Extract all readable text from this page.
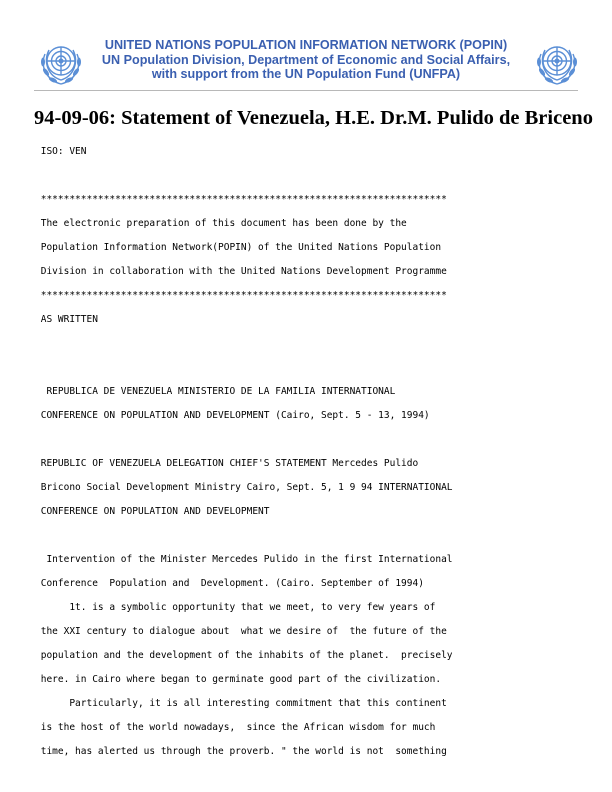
UNITED NATIONS POPULATION INFORMATION NETWORK (POPIN)
UN Population Division, Department of Economic and Social Affairs,
with support from the UN Population Fund (UNFPA)
94-09-06: Statement of Venezuela, H.E. Dr.M. Pulido de Briceno
ISO: VEN
***********************************************************************
The electronic preparation of this document has been done by the
Population Information Network(POPIN) of the United Nations Population
Division in collaboration with the United Nations Development Programme
***********************************************************************
AS WRITTEN
REPUBLICA DE VENEZUELA MINISTERIO DE LA FAMILIA INTERNATIONAL
CONFERENCE ON POPULATION AND DEVELOPMENT (Cairo, Sept. 5 - 13, 1994)
REPUBLIC OF VENEZUELA DELEGATION CHIEF'S STATEMENT Mercedes Pulido
Bricono Social Development Ministry Cairo, Sept. 5, 1 9 94 INTERNATIONAL
CONFERENCE ON POPULATION AND DEVELOPMENT
Intervention of the Minister Mercedes Pulido in the first International
Conference  Population and  Development. (Cairo. September of 1994)
1t. is a symbolic opportunity that we meet, to very few years of
the XXI century to dialogue about  what we desire of  the future of the
population and the development of the inhabits of the planet.  precisely
here. in Cairo where began to germinate good part of the civilization.
Particularly, it is all interesting commitment that this continent
is the host of the world nowadays,  since the African wisdom for much
time, has alerted us through the proverb. " the world is not  something
